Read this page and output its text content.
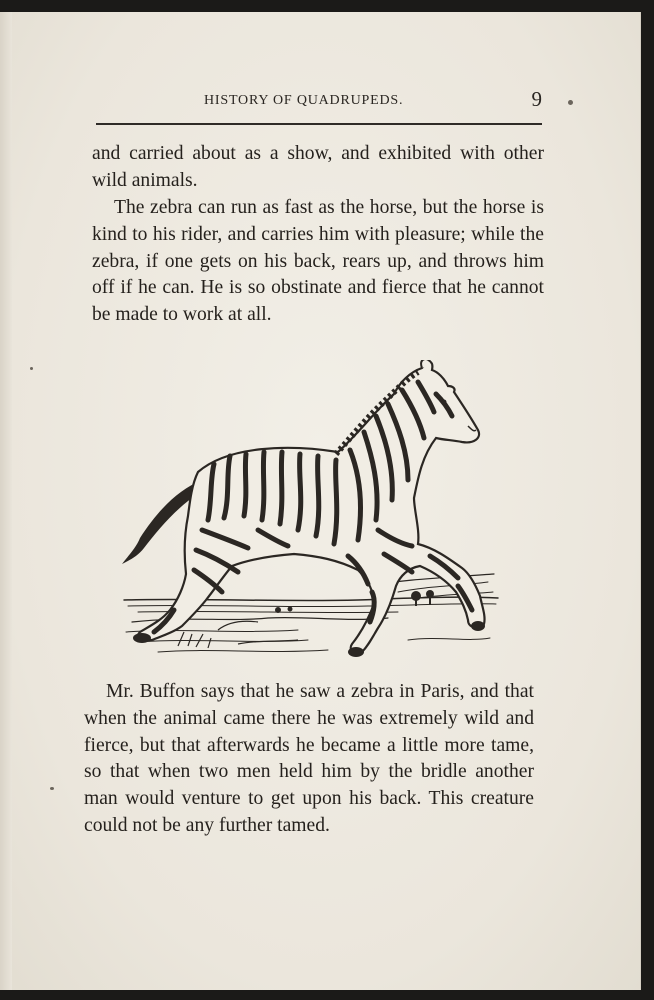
HISTORY OF QUADRUPEDS.	9

and carried about as a show, and exhibited with other wild animals.

The zebra can run as fast as the horse, but the horse is kind to his rider, and carries him with pleasure; while the zebra, if one gets on his back, rears up, and throws him off if he can. He is so obstinate and fierce that he cannot be made to work at all.

Mr. Buffon says that he saw a zebra in Paris, and that when the animal came there he was extremely wild and fierce, but that afterwards he became a little more tame, so that when two men held him by the bridle another man would venture to get upon his back. This creature could not be any further tamed.
